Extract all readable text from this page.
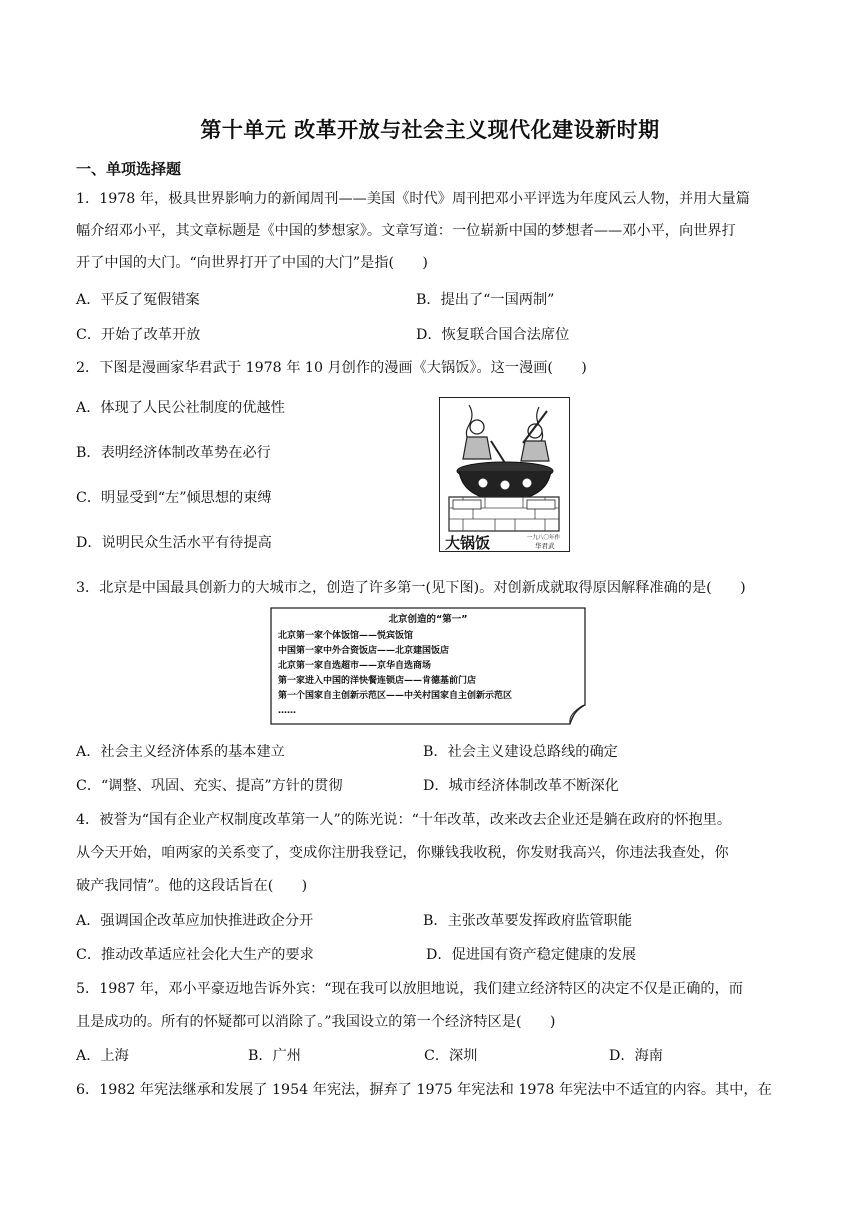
第十单元 改革开放与社会主义现代化建设新时期
一、单项选择题
1．1978 年，极具世界影响力的新闻周刊——美国《时代》周刊把邓小平评选为年度风云人物，并用大量篇
幅介绍邓小平，其文章标题是《中国的梦想家》。文章写道：一位崭新中国的梦想者——邓小平，向世界打
开了中国的大门。“向世界打开了中国的大门”是指(　　)
A．平反了冤假错案	B．提出了“一国两制”
C．开始了改革开放	D．恢复联合国合法席位
2．下图是漫画家华君武于 1978 年 10 月创作的漫画《大锅饭》。这一漫画(　　)
A．体现了人民公社制度的优越性
B．表明经济体制改革势在必行
C．明显受到“左”倾思想的束缚
D．说明民众生活水平有待提高	大锅饭	一九八〇年作
华君武
3．北京是中国最具创新力的大城市之，创造了许多第一(见下图)。对创新成就取得原因解释准确的是(　　)
北京创造的“第一”
北京第一家个体饭馆——悦宾饭馆
中国第一家中外合资饭店——北京建国饭店
北京第一家自选超市——京华自选商场
第一家进入中国的洋快餐连锁店——肯德基前门店
第一个国家自主创新示范区——中关村国家自主创新示范区
……
A．社会主义经济体系的基本建立	B．社会主义建设总路线的确定
C．“调整、巩固、充实、提高”方针的贯彻	D．城市经济体制改革不断深化
4．被誉为“国有企业产权制度改革第一人”的陈光说：“十年改革，改来改去企业还是躺在政府的怀抱里。
从今天开始，咱两家的关系变了，变成你注册我登记，你赚钱我收税，你发财我高兴，你违法我查处，你
破产我同情”。他的这段话旨在(　　)
A．强调国企改革应加快推进政企分开	B．主张改革要发挥政府监管职能
C．推动改革适应社会化大生产的要求	D．促进国有资产稳定健康的发展
5．1987 年，邓小平豪迈地告诉外宾：“现在我可以放胆地说，我们建立经济特区的决定不仅是正确的，而
且是成功的。所有的怀疑都可以消除了。”我国设立的第一个经济特区是(　　)
A．上海	B．广州	C．深圳	D．海南
6．1982 年宪法继承和发展了 1954 年宪法，摒弃了 1975 年宪法和 1978 年宪法中不适宜的内容。其中，在
